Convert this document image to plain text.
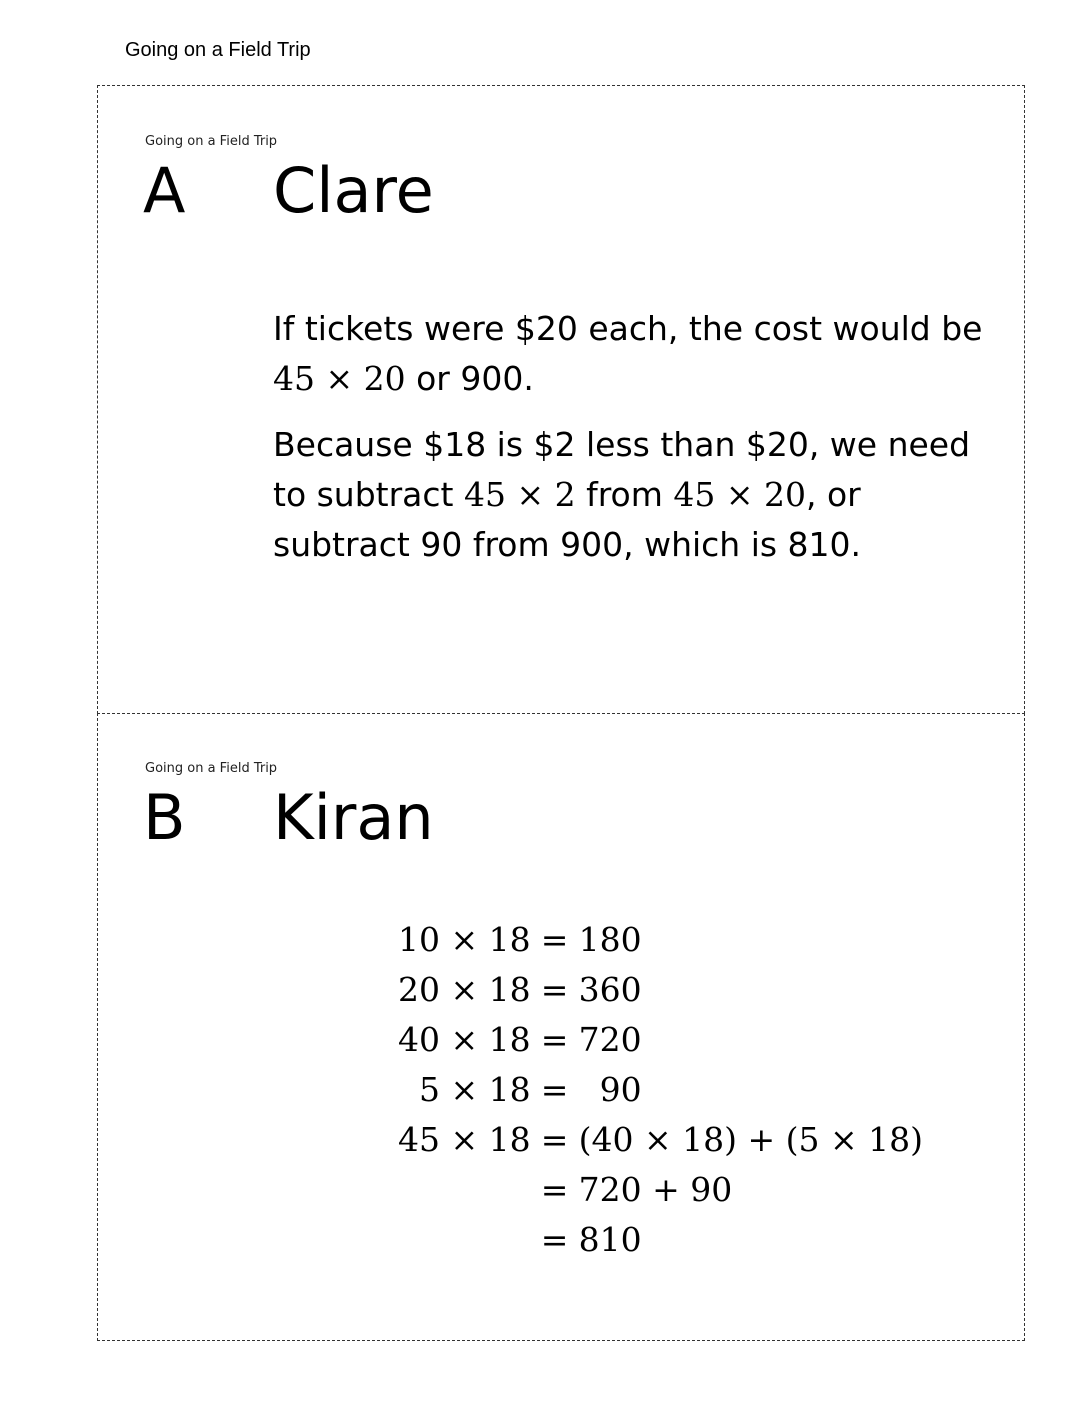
Going on a Field Trip
Going on a Field Trip
A Clare

If tickets were $20 each, the cost would be 45 × 20 or 900.

Because $18 is $2 less than $20, we need to subtract 45 × 2 from 45 × 20, or subtract 90 from 900, which is 810.

Going on a Field Trip
B Kiran
10 × 18	=	180
20 × 18	=	360
40 × 18	=	720
5 × 18	=	90
45 × 18	=	(40 × 18) + (5 × 18)
	=	720 + 90
	=	810
